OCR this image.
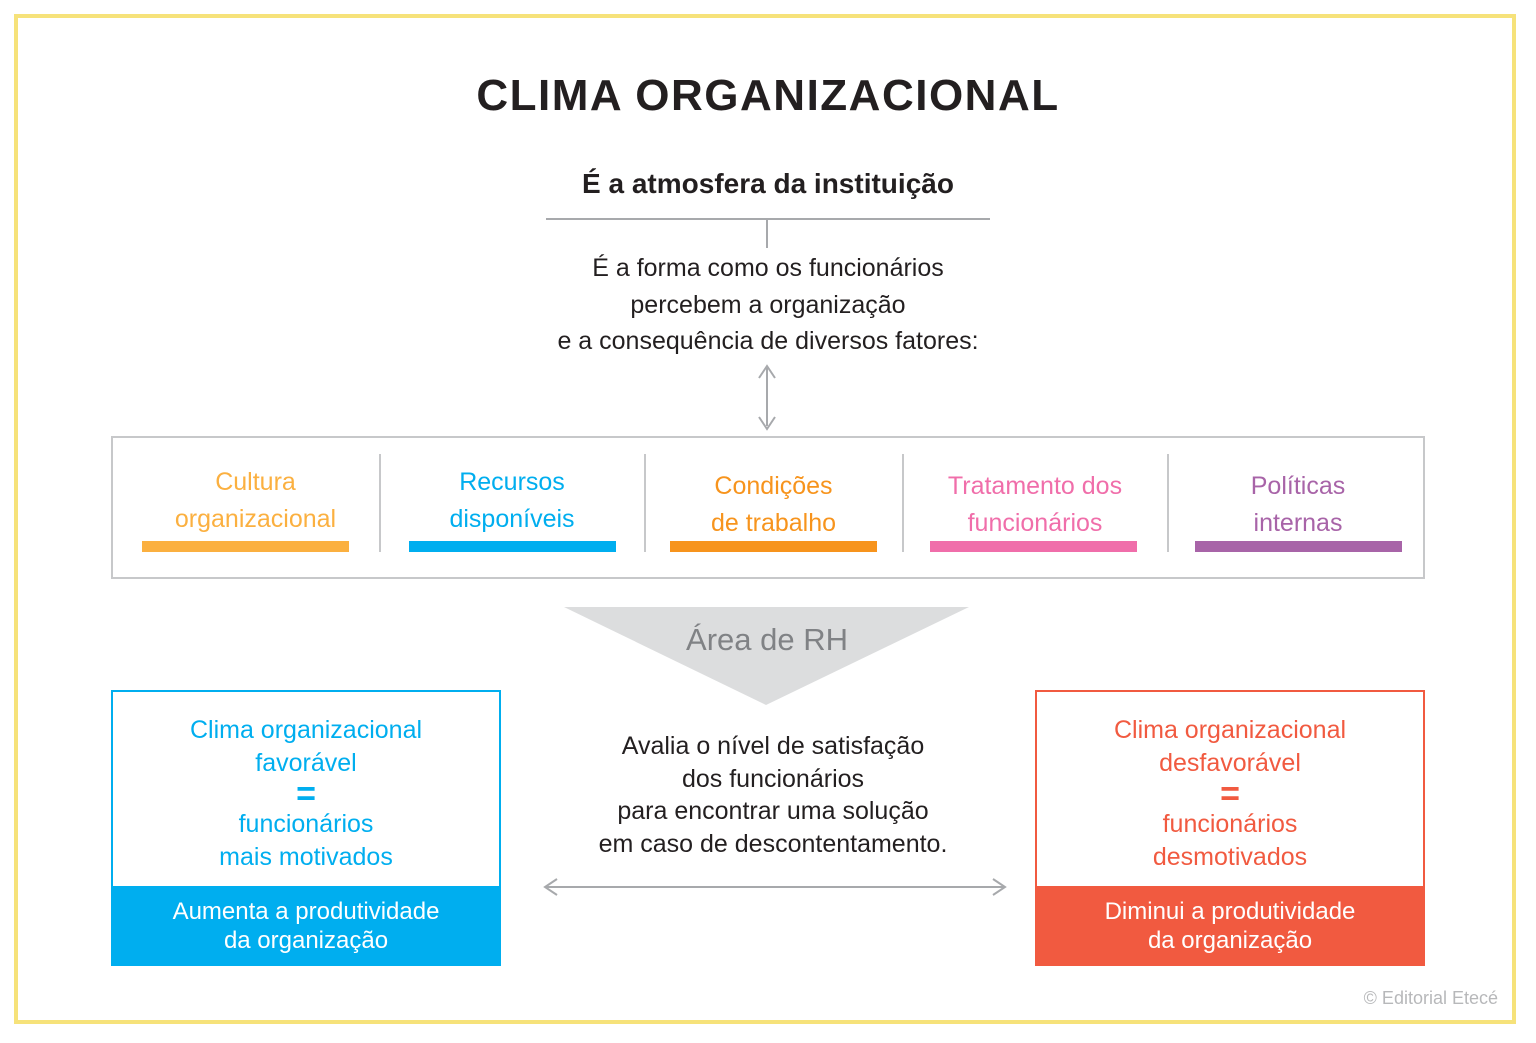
CLIMA ORGANIZACIONAL
É a atmosfera da instituição
É a forma como os funcionários
percebem a organização
e a consequência de diversos fatores:
Cultura
organizacional
Recursos
disponíveis
Condições
de trabalho
Tratamento dos
funcionários
Políticas
internas
Área de RH
Clima organizacional
favorável
=
funcionários
mais motivados
Aumenta a produtividade
da organização
Avalia o nível de satisfação
dos funcionários
para encontrar uma solução
em caso de descontentamento.
Clima organizacional
desfavorável
=
funcionários
desmotivados
Diminui a produtividade
da organização
© Editorial Etecé
